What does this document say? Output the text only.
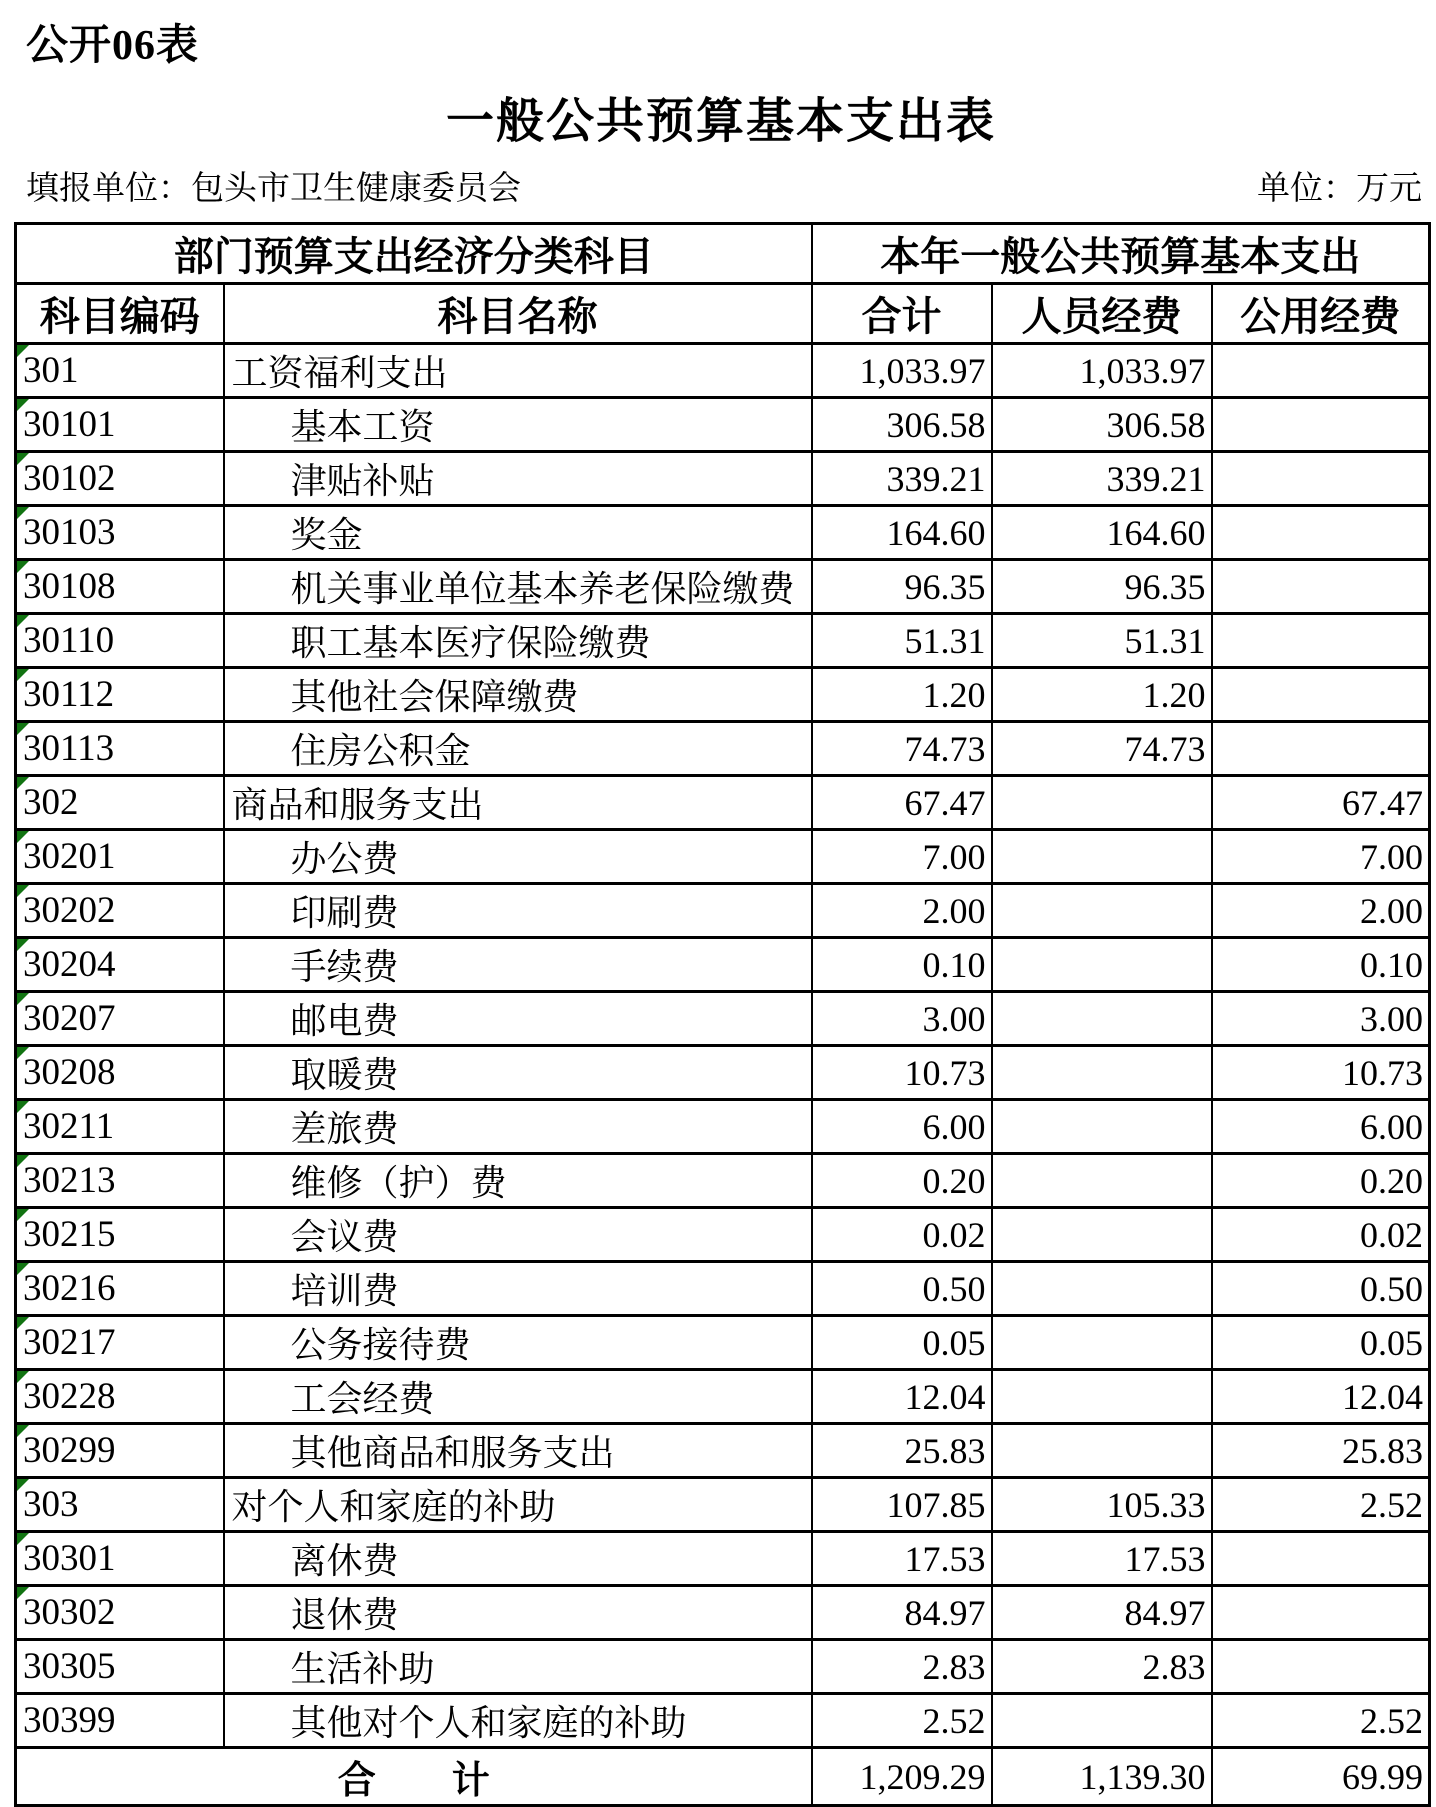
公开06表
一般公共预算基本支出表
填报单位：包头市卫生健康委员会	单位：万元
部门预算支出经济分类科目		本年一般公共预算基本支出		
科目编码	科目名称	合计	人员经费	公用经费
301	工资福利支出	1,033.97	1,033.97	
30101	基本工资	306.58	306.58	
30102	津贴补贴	339.21	339.21	
30103	奖金	164.60	164.60	
30108	机关事业单位基本养老保险缴费	96.35	96.35	
30110	职工基本医疗保险缴费	51.31	51.31	
30112	其他社会保障缴费	1.20	1.20	
30113	住房公积金	74.73	74.73	
302	商品和服务支出	67.47		67.47
30201	办公费	7.00		7.00
30202	印刷费	2.00		2.00
30204	手续费	0.10		0.10
30207	邮电费	3.00		3.00
30208	取暖费	10.73		10.73
30211	差旅费	6.00		6.00
30213	维修（护）费	0.20		0.20
30215	会议费	0.02		0.02
30216	培训费	0.50		0.50
30217	公务接待费	0.05		0.05
30228	工会经费	12.04		12.04
30299	其他商品和服务支出	25.83		25.83
303	对个人和家庭的补助	107.85	105.33	2.52
30301	离休费	17.53	17.53	
30302	退休费	84.97	84.97	
30305	生活补助	2.83	2.83	
30399	其他对个人和家庭的补助	2.52		2.52
合　　计		1,209.29	1,139.30	69.99
